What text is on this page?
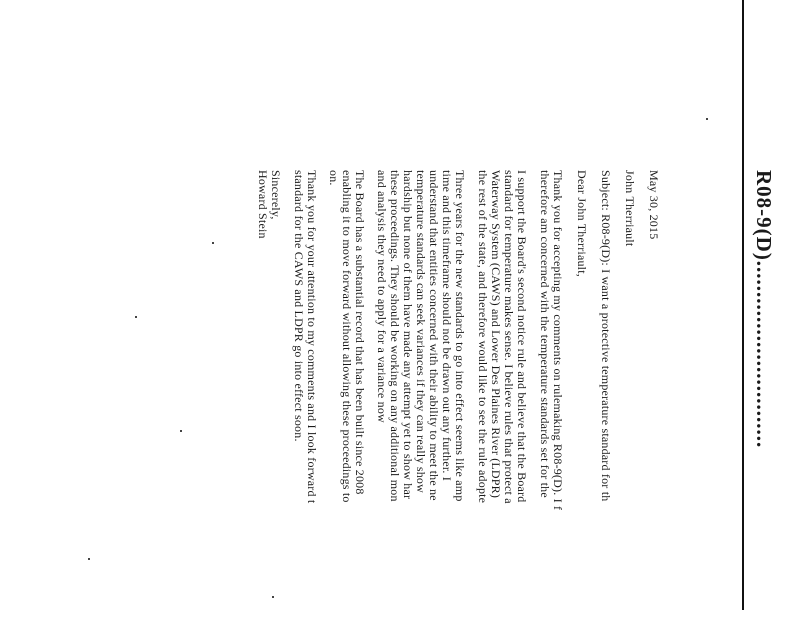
R08-9(D)..............................
May 30, 2015
John Therriault
Subject: R08-9(D): I want a protective temperature standard for th
Dear John Therriault,
Thank you for accepting my comments on rulemaking R08-9(D). I f
therefore am concerned with the temperature standards set for the
I support the Board's second notice rule and believe that the Board
standard for temperature makes sense. I believe rules that protect a
Waterway System (CAWS) and Lower Des Plaines River (LDPR)
the rest of the state, and therefore would like to see the rule adopte
Three years for the new standards to go into effect seems like amp
time and this timeframe should not be drawn out any further. I
understand that entities concerned with their ability to meet the ne
temperature standards can seek variances if they can really show
hardship but none of them have made any attempt yet to show har
these proceedings. They should be working on any additional mon
and analysis they need to apply for a variance now
The Board has a substantial record that has been built since 2008
enabling it to move forward without allowing these proceedings to
on.
Thank you for your attention to my comments and I look forward t
standard for the CAWS and LDPR go into effect soon.
Sincerely,
Howard Stein
